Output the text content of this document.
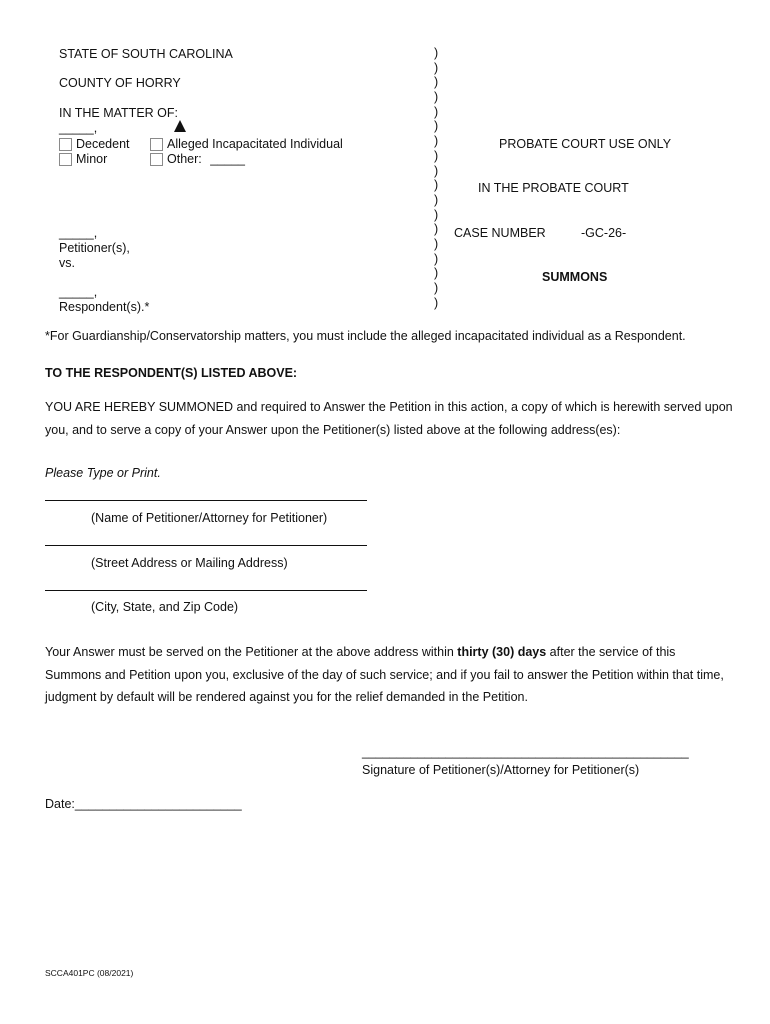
STATE OF SOUTH CAROLINA
COUNTY OF HORRY
IN THE MATTER OF:
_____,
Decedent
Minor
Alleged Incapacitated Individual
Other: _____
_____,
Petitioner(s),
vs.
_____,
Respondent(s).*
)
)
)
)
)
)
)
)
)
)
)
)
)
)
)
)
)
)
PROBATE COURT USE ONLY
IN THE PROBATE COURT
CASE NUMBER	-GC-26-
SUMMONS
*For Guardianship/Conservatorship matters, you must include the alleged incapacitated individual as a Respondent.
TO THE RESPONDENT(S) LISTED ABOVE:
YOU ARE HEREBY SUMMONED and required to Answer the Petition in this action, a copy of which is herewith served upon you, and to serve a copy of your Answer upon the Petitioner(s) listed above at the following address(es):
Please Type or Print.
(Name of Petitioner/Attorney for Petitioner)
(Street Address or Mailing Address)
(City, State, and Zip Code)
Your Answer must be served on the Petitioner at the above address within thirty (30) days after the service of this Summons and Petition upon you, exclusive of the day of such service; and if you fail to answer the Petition within that time, judgment by default will be rendered against you for the relief demanded in the Petition.
_______________________________________________
Signature of Petitioner(s)/Attorney for Petitioner(s)
Date:________________________
SCCA401PC (08/2021)
